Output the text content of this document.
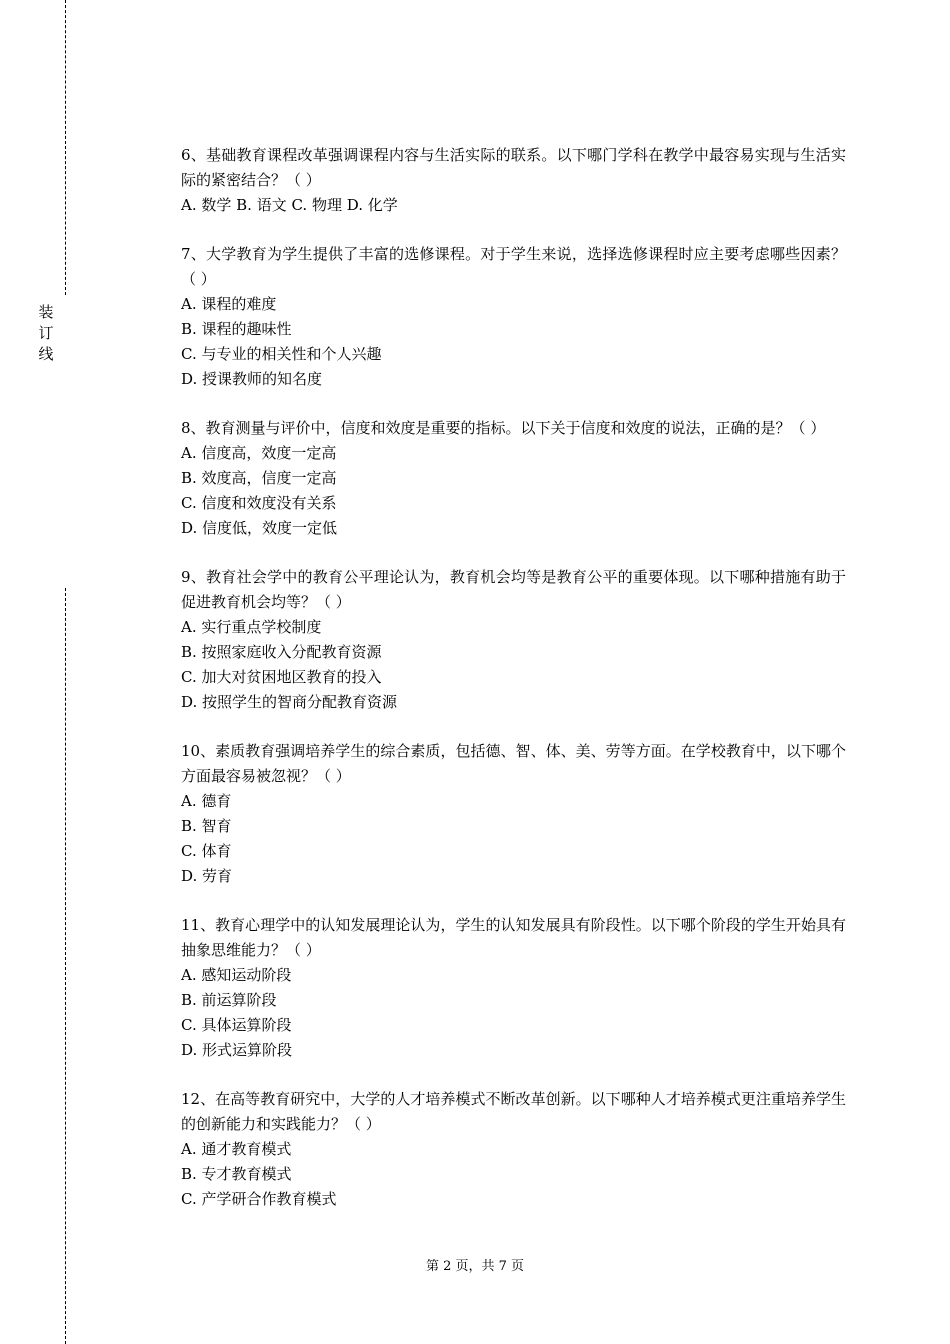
装
订
线

6、基础教育课程改革强调课程内容与生活实际的联系。以下哪门学科在教学中最容易实现与生活实际的紧密结合？（ ）

A. 数学 B. 语文 C. 物理 D. 化学

7、大学教育为学生提供了丰富的选修课程。对于学生来说，选择选修课程时应主要考虑哪些因素？（ ）

A. 课程的难度

B. 课程的趣味性

C. 与专业的相关性和个人兴趣

D. 授课教师的知名度

8、教育测量与评价中，信度和效度是重要的指标。以下关于信度和效度的说法，正确的是？（ ）

A. 信度高，效度一定高

B. 效度高，信度一定高

C. 信度和效度没有关系

D. 信度低，效度一定低

9、教育社会学中的教育公平理论认为，教育机会均等是教育公平的重要体现。以下哪种措施有助于促进教育机会均等？（ ）

A. 实行重点学校制度

B. 按照家庭收入分配教育资源

C. 加大对贫困地区教育的投入

D. 按照学生的智商分配教育资源

10、素质教育强调培养学生的综合素质，包括德、智、体、美、劳等方面。在学校教育中，以下哪个方面最容易被忽视？（ ）

A. 德育

B. 智育

C. 体育

D. 劳育

11、教育心理学中的认知发展理论认为，学生的认知发展具有阶段性。以下哪个阶段的学生开始具有抽象思维能力？（ ）

A. 感知运动阶段

B. 前运算阶段

C. 具体运算阶段

D. 形式运算阶段

12、在高等教育研究中，大学的人才培养模式不断改革创新。以下哪种人才培养模式更注重培养学生的创新能力和实践能力？（ ）

A. 通才教育模式

B. 专才教育模式

C. 产学研合作教育模式

第 2 页，共 7 页
